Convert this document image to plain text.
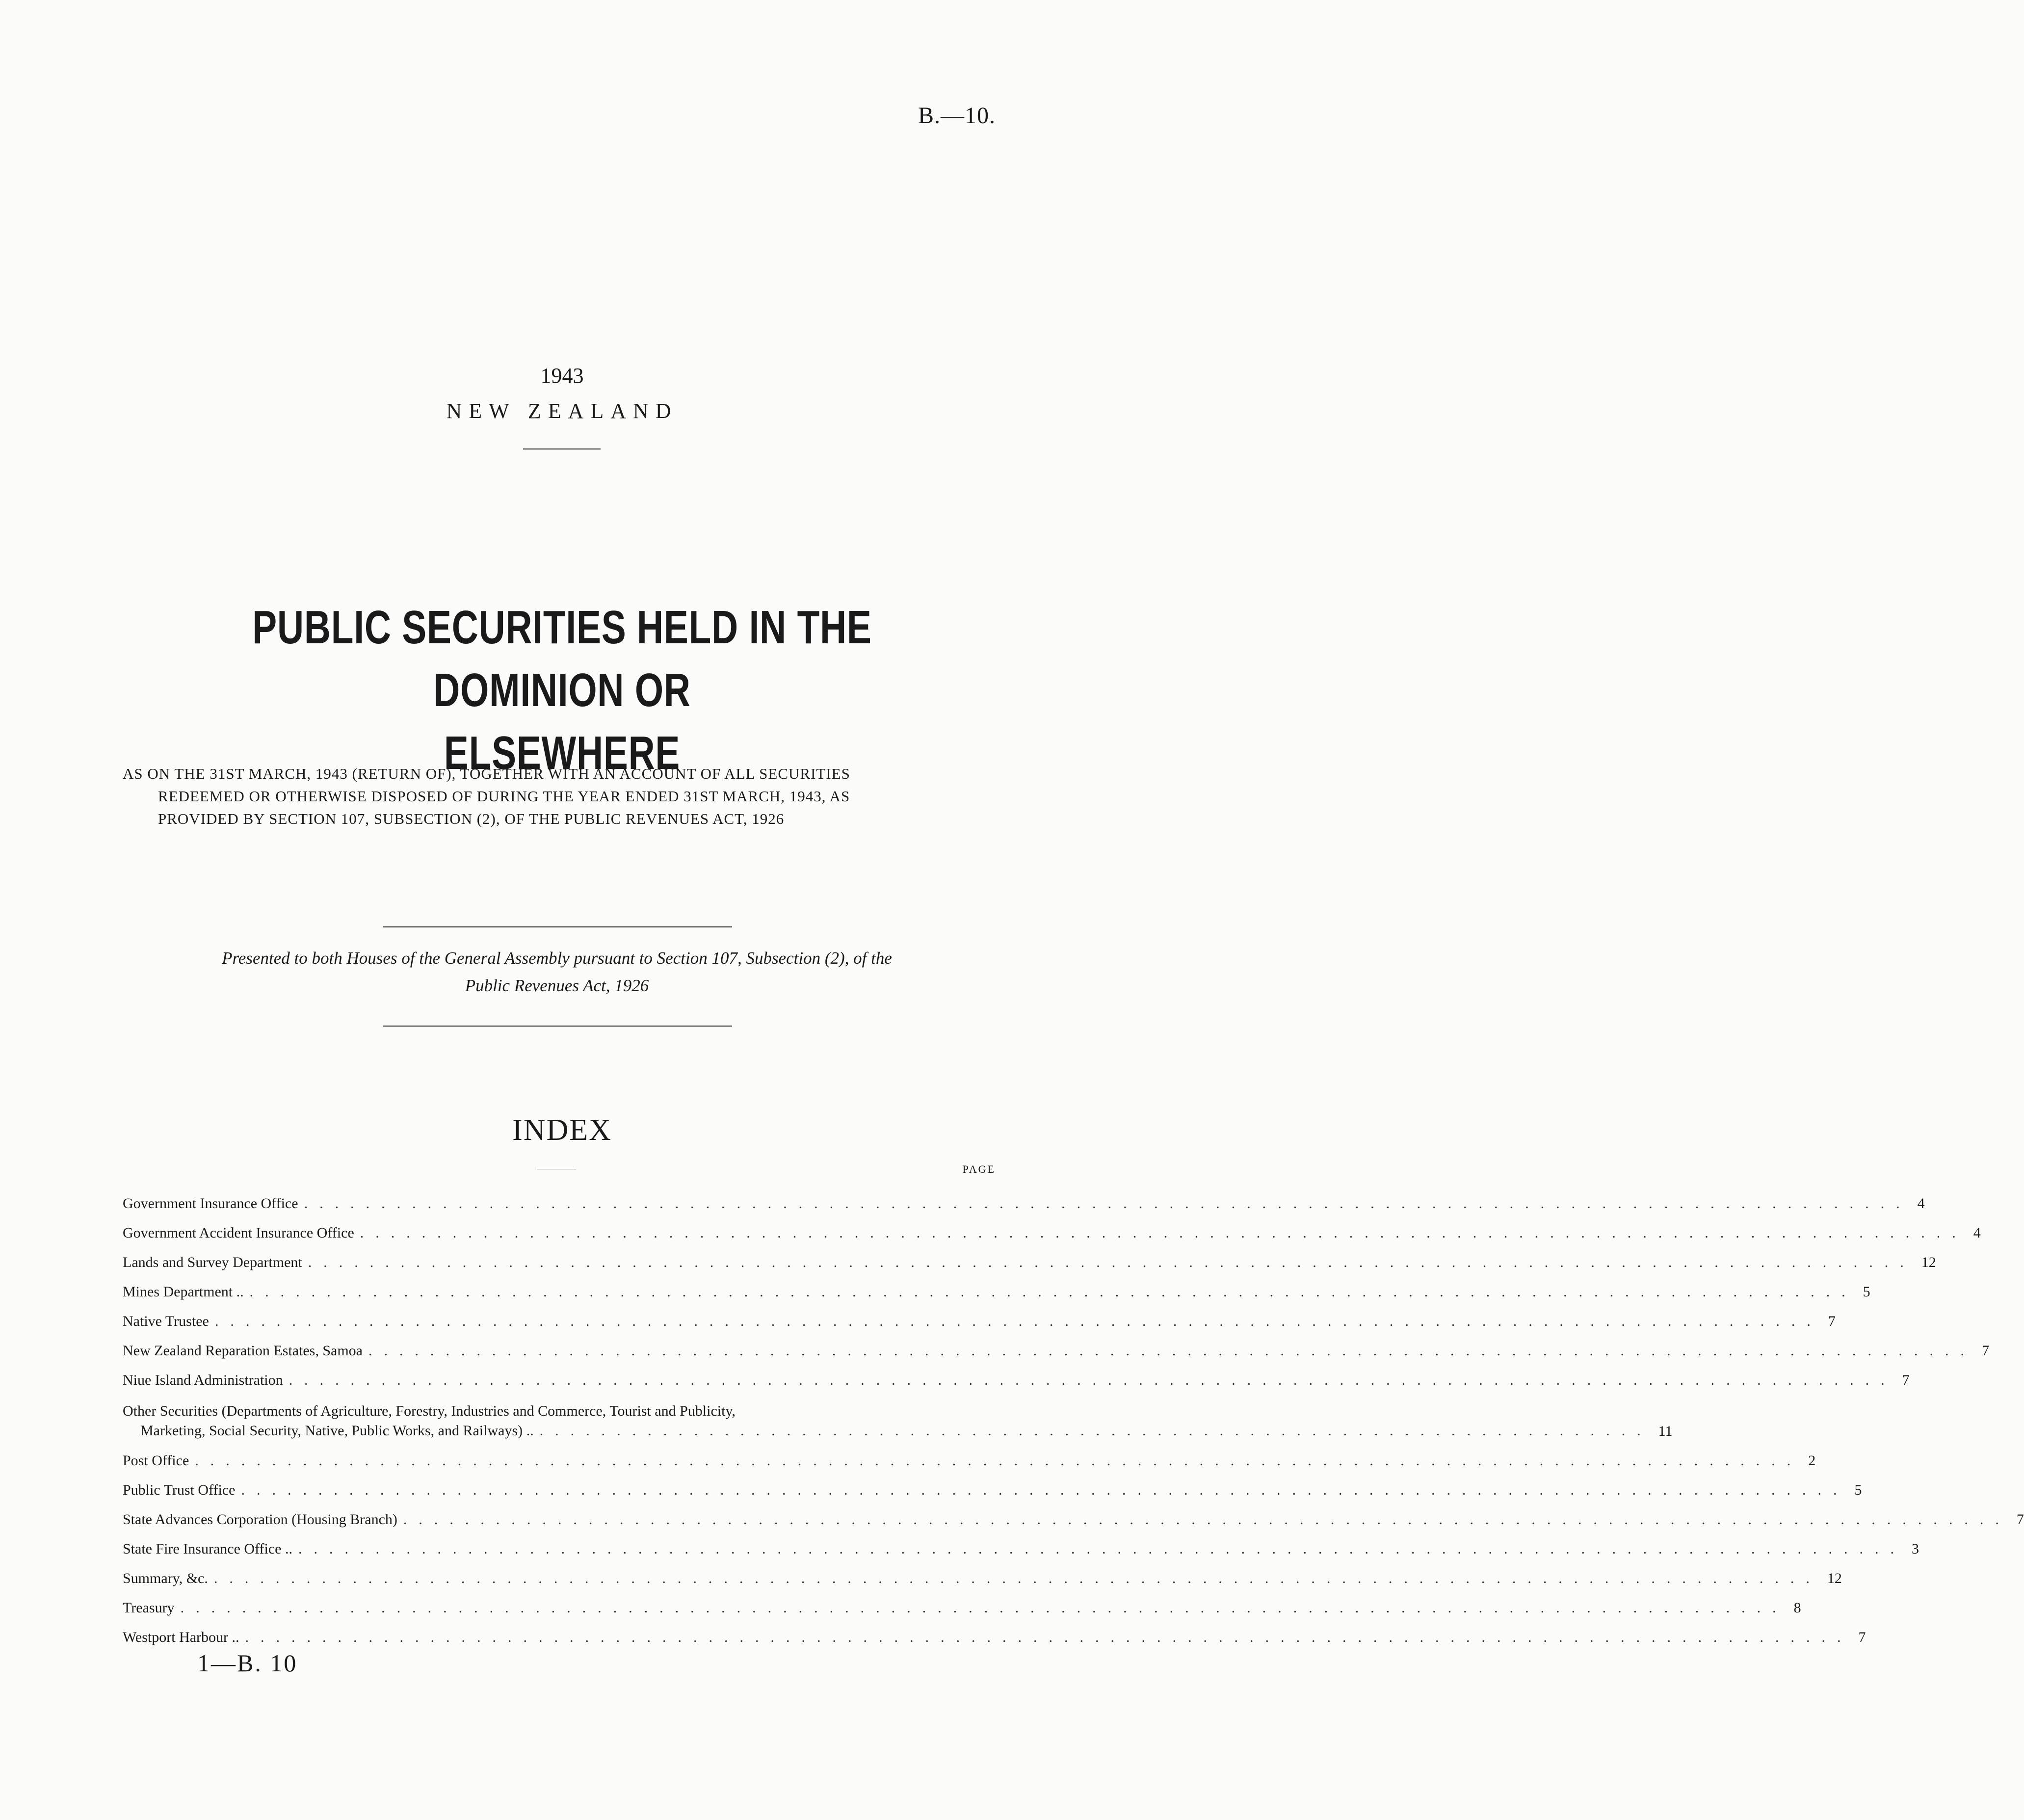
B.—10.
1943
NEW ZEALAND
PUBLIC SECURITIES HELD IN THE DOMINION OR
ELSEWHERE
AS ON THE 31ST MARCH, 1943 (RETURN OF), TOGETHER WITH AN ACCOUNT OF ALL SECURITIES
REDEEMED OR OTHERWISE DISPOSED OF DURING THE YEAR ENDED 31ST MARCH, 1943, AS
PROVIDED BY SECTION 107, SUBSECTION (2), OF THE PUBLIC REVENUES ACT, 1926
Presented to both Houses of the General Assembly pursuant to Section 107, Subsection (2), of the
Public Revenues Act, 1926
INDEX
PAGE
Government Insurance Office ........................................................................................................ 4
Government Accident Insurance Office ........................................................................................................ 4
Lands and Survey Department ........................................................................................................ 12
Mines Department .. ........................................................................................................ 5
Native Trustee ........................................................................................................ 7
New Zealand Reparation Estates, Samoa ........................................................................................................ 7
Niue Island Administration ........................................................................................................ 7
Other Securities (Departments of Agriculture, Forestry, Industries and Commerce, Tourist and Publicity,
Marketing, Social Security, Native, Public Works, and Railways) .. ........................................................................ 11
Post Office ........................................................................................................ 2
Public Trust Office ........................................................................................................ 5
State Advances Corporation (Housing Branch) ........................................................................................................ 7
State Fire Insurance Office .. ........................................................................................................ 3
Summary, &c. ........................................................................................................ 12
Treasury ........................................................................................................ 8
Westport Harbour .. ........................................................................................................ 7
1—B. 10
